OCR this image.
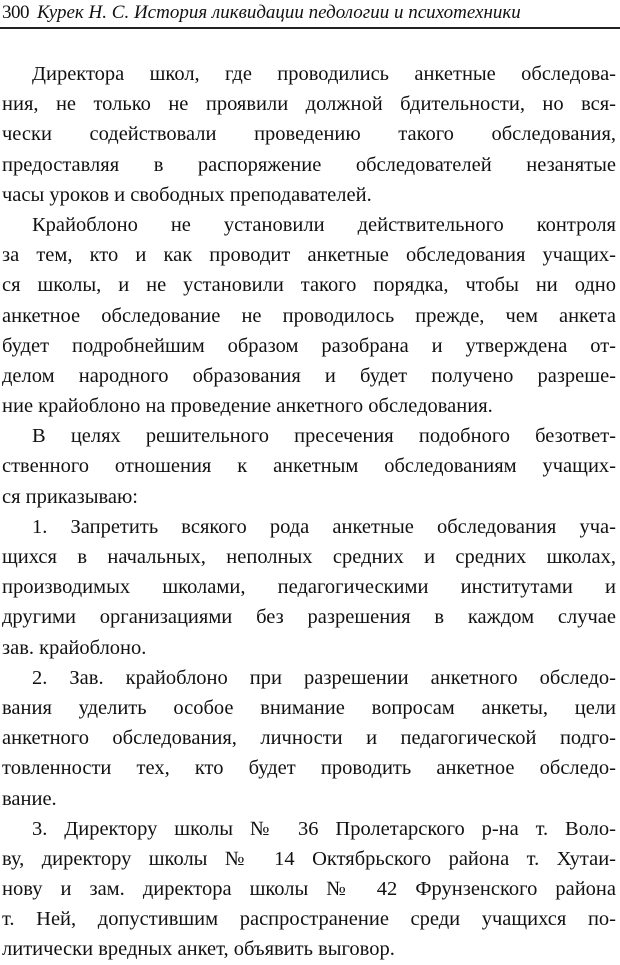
300 Курек Н. С. История ликвидации педологии и психотехники
Директора школ, где проводились анкетные обследова-
ния, не только не проявили должной бдительности, но вся-
чески содействовали проведению такого обследования,
предоставляя в распоряжение обследователей незанятые
часы уроков и свободных преподавателей.
Крайоблоно не установили действительного контроля
за тем, кто и как проводит анкетные обследования учащих-
ся школы, и не установили такого порядка, чтобы ни одно
анкетное обследование не проводилось прежде, чем анкета
будет подробнейшим образом разобрана и утверждена от-
делом народного образования и будет получено разреше-
ние крайоблоно на проведение анкетного обследования.
В целях решительного пресечения подобного безответ-
ственного отношения к анкетным обследованиям учащих-
ся приказываю:
1. Запретить всякого рода анкетные обследования уча-
щихся в начальных, неполных средних и средних школах,
производимых школами, педагогическими институтами и
другими организациями без разрешения в каждом случае
зав. крайоблоно.
2. Зав. крайоблоно при разрешении анкетного обследо-
вания уделить особое внимание вопросам анкеты, цели
анкетного обследования, личности и педагогической подго-
товленности тех, кто будет проводить анкетное обследо-
вание.
3. Директору школы № 36 Пролетарского р-на т. Воло-
ву, директору школы № 14 Октябрьского района т. Хутаи-
нову и зам. директора школы № 42 Фрунзенского района
т. Ней, допустившим распространение среди учащихся по-
литически вредных анкет, объявить выговор.
